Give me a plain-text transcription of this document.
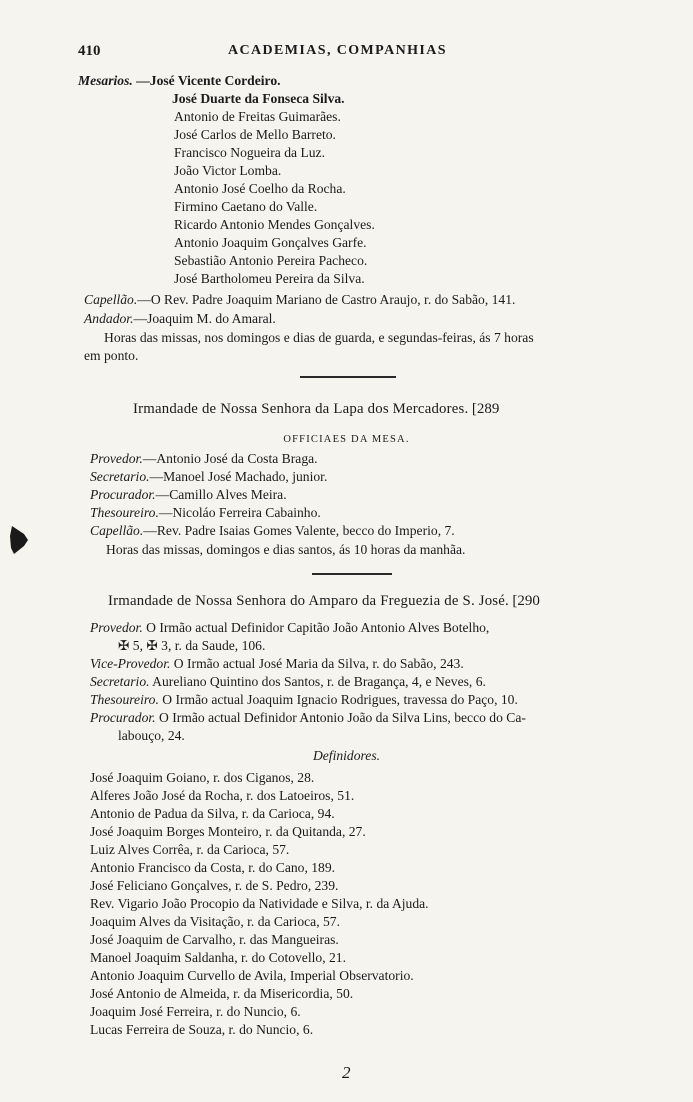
410	ACADEMIAS, COMPANHIAS
Mesarios. —José Vicente Cordeiro.
José Duarte da Fonseca Silva.
Antonio de Freitas Guimarães.
José Carlos de Mello Barreto.
Francisco Nogueira da Luz.
João Victor Lomba.
Antonio José Coelho da Rocha.
Firmino Caetano do Valle.
Ricardo Antonio Mendes Gonçalves.
Antonio Joaquim Gonçalves Garfe.
Sebastião Antonio Pereira Pacheco.
José Bartholomeu Pereira da Silva.
Capellão.—O Rev. Padre Joaquim Mariano de Castro Araujo, r. do Sabão, 141.
Andador.—Joaquim M. do Amaral.
Horas das missas, nos domingos e dias de guarda, e segundas-feiras, ás 7 horas
em ponto.
Irmandade de Nossa Senhora da Lapa dos Mercadores. [289
OFFICIAES DA MESA.
Provedor.—Antonio José da Costa Braga.
Secretario.—Manoel José Machado, junior.
Procurador.—Camillo Alves Meira.
Thesoureiro.—Nicoláo Ferreira Cabainho.
Capellão.—Rev. Padre Isaias Gomes Valente, becco do Imperio, 7.
Horas das missas, domingos e dias santos, ás 10 horas da manhãa.
Irmandade de Nossa Senhora do Amparo da Freguezia de S. José. [290
Provedor. O Irmão actual Definidor Capitão João Antonio Alves Botelho,
✠ 5, ✠ 3, r. da Saude, 106.
Vice-Provedor. O Irmão actual José Maria da Silva, r. do Sabão, 243.
Secretario. Aureliano Quintino dos Santos, r. de Bragança, 4, e Neves, 6.
Thesoureiro. O Irmão actual Joaquim Ignacio Rodrigues, travessa do Paço, 10.
Procurador. O Irmão actual Definidor Antonio João da Silva Lins, becco do Ca-
labouço, 24.
Definidores.
José Joaquim Goiano, r. dos Ciganos, 28.
Alferes João José da Rocha, r. dos Latoeiros, 51.
Antonio de Padua da Silva, r. da Carioca, 94.
José Joaquim Borges Monteiro, r. da Quitanda, 27.
Luiz Alves Corrêa, r. da Carioca, 57.
Antonio Francisco da Costa, r. do Cano, 189.
José Feliciano Gonçalves, r. de S. Pedro, 239.
Rev. Vigario João Procopio da Natividade e Silva, r. da Ajuda.
Joaquim Alves da Visitação, r. da Carioca, 57.
José Joaquim de Carvalho, r. das Mangueiras.
Manoel Joaquim Saldanha, r. do Cotovello, 21.
Antonio Joaquim Curvello de Avila, Imperial Observatorio.
José Antonio de Almeida, r. da Misericordia, 50.
Joaquim José Ferreira, r. do Nuncio, 6.
Lucas Ferreira de Souza, r. do Nuncio, 6.
2
